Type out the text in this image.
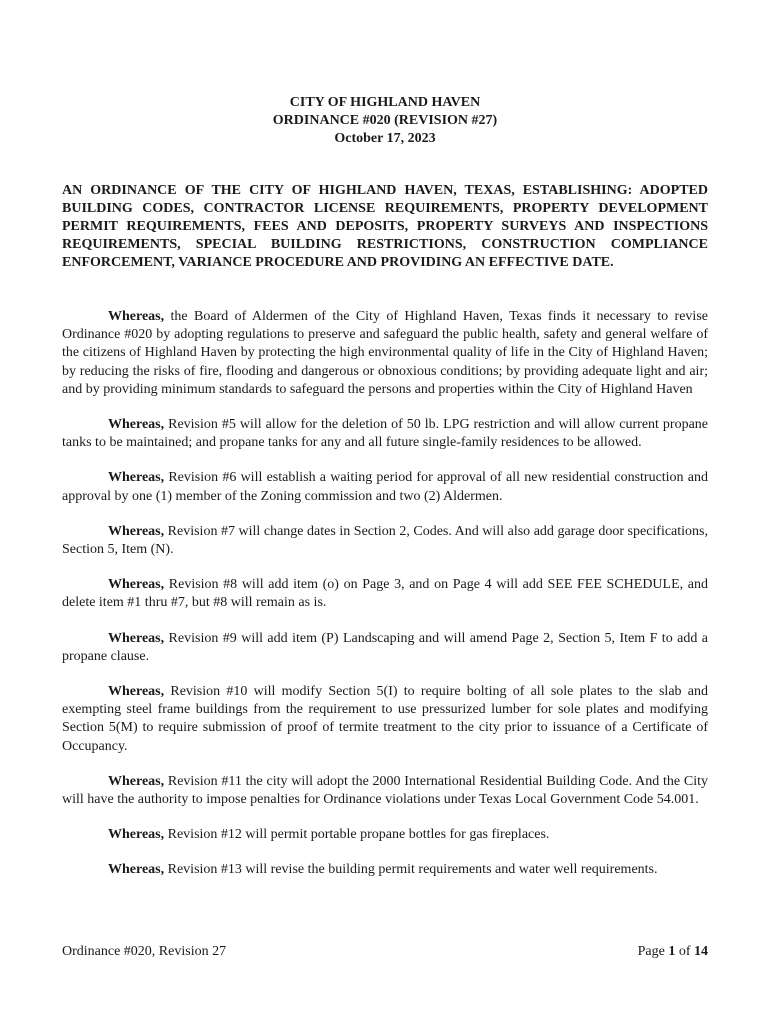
CITY OF HIGHLAND HAVEN
ORDINANCE #020 (REVISION #27)
October 17, 2023
AN ORDINANCE OF THE CITY OF HIGHLAND HAVEN, TEXAS, ESTABLISHING: ADOPTED BUILDING CODES, CONTRACTOR LICENSE REQUIREMENTS, PROPERTY DEVELOPMENT PERMIT REQUIREMENTS, FEES AND DEPOSITS, PROPERTY SURVEYS AND INSPECTIONS REQUIREMENTS, SPECIAL BUILDING RESTRICTIONS, CONSTRUCTION COMPLIANCE ENFORCEMENT, VARIANCE PROCEDURE AND PROVIDING AN EFFECTIVE DATE.

Whereas, the Board of Aldermen of the City of Highland Haven, Texas finds it necessary to revise Ordinance #020 by adopting regulations to preserve and safeguard the public health, safety and general welfare of the citizens of Highland Haven by protecting the high environmental quality of life in the City of Highland Haven; by reducing the risks of fire, flooding and dangerous or obnoxious conditions; by providing adequate light and air; and by providing minimum standards to safeguard the persons and properties within the City of Highland Haven

Whereas, Revision #5 will allow for the deletion of 50 lb. LPG restriction and will allow current propane tanks to be maintained; and propane tanks for any and all future single-family residences to be allowed.

Whereas, Revision #6 will establish a waiting period for approval of all new residential construction and approval by one (1) member of the Zoning commission and two (2) Aldermen.

Whereas, Revision #7 will change dates in Section 2, Codes. And will also add garage door specifications, Section 5, Item (N).

Whereas, Revision #8 will add item (o) on Page 3, and on Page 4 will add SEE FEE SCHEDULE, and delete item #1 thru #7, but #8 will remain as is.

Whereas, Revision #9 will add item (P) Landscaping and will amend Page 2, Section 5, Item F to add a propane clause.

Whereas, Revision #10 will modify Section 5(I) to require bolting of all sole plates to the slab and exempting steel frame buildings from the requirement to use pressurized lumber for sole plates and modifying Section 5(M) to require submission of proof of termite treatment to the city prior to issuance of a Certificate of Occupancy.

Whereas, Revision #11 the city will adopt the 2000 International Residential Building Code. And the City will have the authority to impose penalties for Ordinance violations under Texas Local Government Code 54.001.

Whereas, Revision #12 will permit portable propane bottles for gas fireplaces.

Whereas, Revision #13 will revise the building permit requirements and water well requirements.

Ordinance #020, Revision 27	Page 1 of 14
